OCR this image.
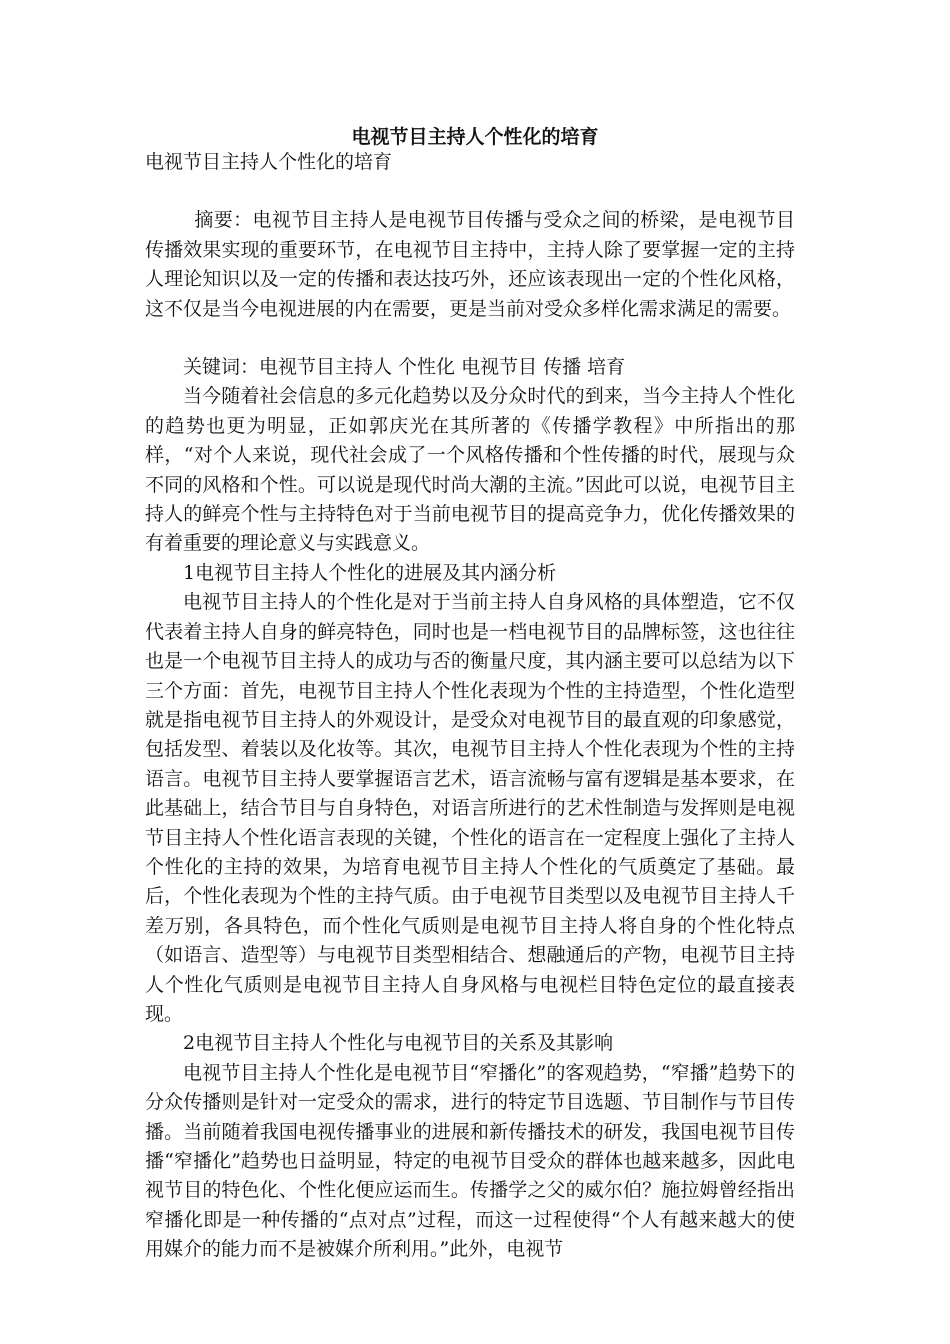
电视节目主持人个性化的培育

电视节目主持人个性化的培育

摘要：电视节目主持人是电视节目传播与受众之间的桥梁，是电视节目传播效果实现的重要环节，在电视节目主持中，主持人除了要掌握一定的主持人理论知识以及一定的传播和表达技巧外，还应该表现出一定的个性化风格，这不仅是当今电视进展的内在需要，更是当前对受众多样化需求满足的需要。

关键词：电视节目主持人 个性化 电视节目 传播 培育

当今随着社会信息的多元化趋势以及分众时代的到来，当今主持人个性化的趋势也更为明显，正如郭庆光在其所著的《传播学教程》中所指出的那样，“对个人来说，现代社会成了一个风格传播和个性传播的时代，展现与众不同的风格和个性。可以说是现代时尚大潮的主流。”因此可以说，电视节目主持人的鲜亮个性与主持特色对于当前电视节目的提高竞争力，优化传播效果的有着重要的理论意义与实践意义。

1电视节目主持人个性化的进展及其内涵分析

电视节目主持人的个性化是对于当前主持人自身风格的具体塑造，它不仅代表着主持人自身的鲜亮特色，同时也是一档电视节目的品牌标签，这也往往也是一个电视节目主持人的成功与否的衡量尺度，其内涵主要可以总结为以下三个方面：首先，电视节目主持人个性化表现为个性的主持造型，个性化造型就是指电视节目主持人的外观设计，是受众对电视节目的最直观的印象感觉，包括发型、着装以及化妆等。其次，电视节目主持人个性化表现为个性的主持语言。电视节目主持人要掌握语言艺术，语言流畅与富有逻辑是基本要求，在此基础上，结合节目与自身特色，对语言所进行的艺术性制造与发挥则是电视节目主持人个性化语言表现的关键，个性化的语言在一定程度上强化了主持人个性化的主持的效果，为培育电视节目主持人个性化的气质奠定了基础。最后，个性化表现为个性的主持气质。由于电视节目类型以及电视节目主持人千差万别，各具特色，而个性化气质则是电视节目主持人将自身的个性化特点（如语言、造型等）与电视节目类型相结合、想融通后的产物，电视节目主持人个性化气质则是电视节目主持人自身风格与电视栏目特色定位的最直接表现。

2电视节目主持人个性化与电视节目的关系及其影响

电视节目主持人个性化是电视节目“窄播化”的客观趋势，“窄播”趋势下的分众传播则是针对一定受众的需求，进行的特定节目选题、节目制作与节目传播。当前随着我国电视传播事业的进展和新传播技术的研发，我国电视节目传播“窄播化”趋势也日益明显，特定的电视节目受众的群体也越来越多，因此电视节目的特色化、个性化便应运而生。传播学之父的威尔伯？施拉姆曾经指出窄播化即是一种传播的“点对点”过程，而这一过程使得“个人有越来越大的使用媒介的能力而不是被媒介所利用。”此外，电视节
